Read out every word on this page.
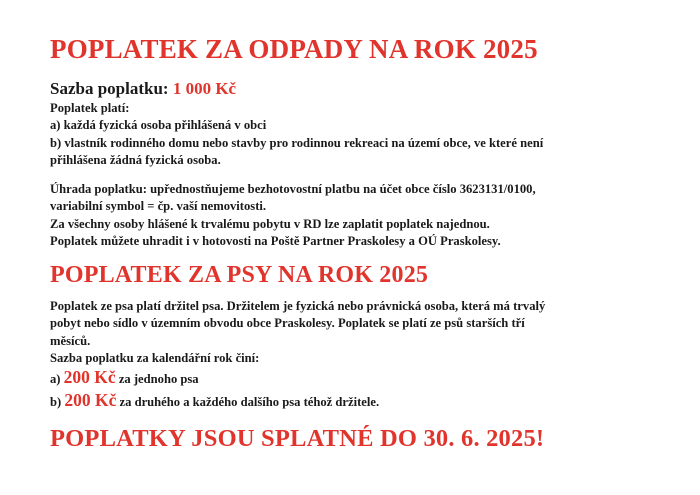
POPLATEK ZA ODPADY NA ROK 2025
Sazba poplatku: 1 000 Kč

Poplatek platí:

a) každá fyzická osoba přihlášená v obci

b) vlastník rodinného domu nebo stavby pro rodinnou rekreaci na území obce, ve které není

přihlášena žádná fyzická osoba.

Úhrada poplatku: upřednostňujeme bezhotovostní platbu na účet obce číslo 3623131/0100,

variabilní symbol = čp. vaší nemovitosti.

Za všechny osoby hlášené k trvalému pobytu v RD lze zaplatit poplatek najednou.

Poplatek můžete uhradit i v hotovosti na Poště Partner Praskolesy a OÚ Praskolesy.

POPLATEK ZA PSY NA ROK 2025

Poplatek ze psa platí držitel psa. Držitelem je fyzická nebo právnická osoba, která má trvalý

pobyt nebo sídlo v územním obvodu obce Praskolesy. Poplatek se platí ze psů starších tří

měsíců.

Sazba poplatku za kalendářní rok činí:

a) 200 Kč za jednoho psa
b) 200 Kč za druhého a každého dalšího psa téhož držitele.
POPLATKY JSOU SPLATNÉ DO 30. 6. 2025!
